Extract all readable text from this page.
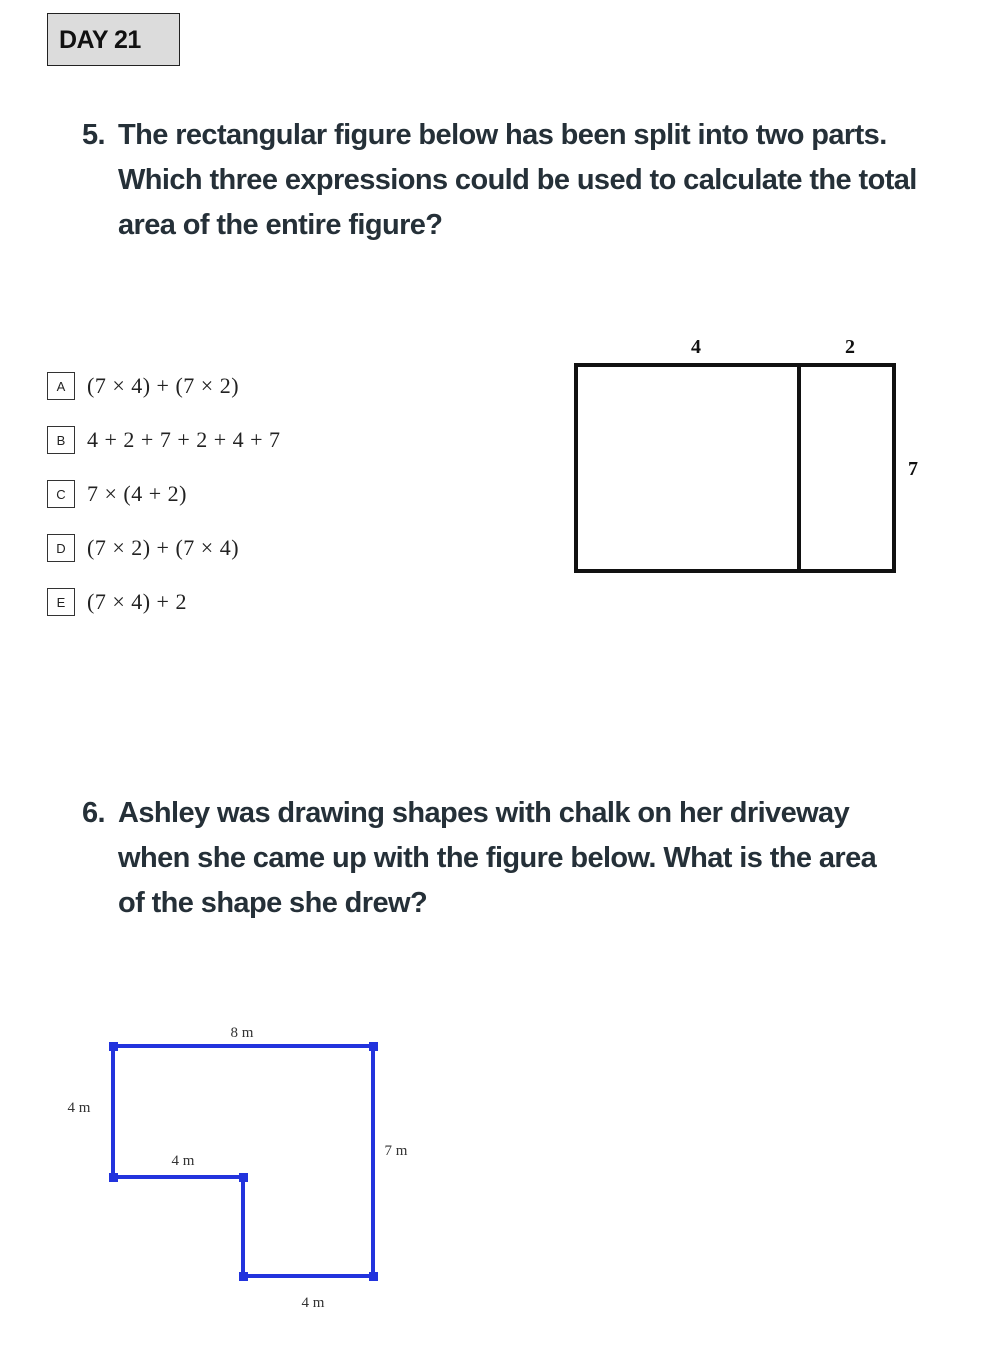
DAY 21
5. The rectangular figure below has been split into two parts.
Which three expressions could be used to calculate the total
area of the entire figure?
A (7 × 4) + (7 × 2)
B 4 + 2 + 7 + 2 + 4 + 7
C 7 × (4 + 2)
D (7 × 2) + (7 × 4)
E (7 × 4) + 2
4	2
7
6. Ashley was drawing shapes with chalk on her driveway
when she came up with the figure below. What is the area
of the shape she drew?
8 m
4 m
4 m
7 m
4 m
